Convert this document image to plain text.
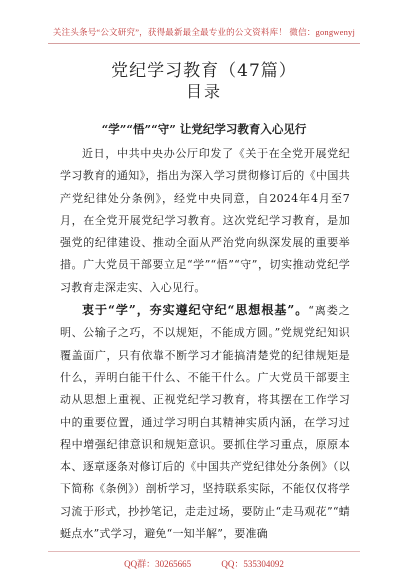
关注头条号“公文研究”，获得最新最全最专业的公文资料库！ 微信：gongwenyj
党纪学习教育（47篇）
目录
“学”“悟”“守” 让党纪学习教育入心见行

近日，中共中央办公厅印发了《关于在全党开展党纪学习教育的通知》，指出为深入学习贯彻修订后的《中国共产党纪律处分条例》，经党中央同意，自2024年4月至7月，在全党开展党纪学习教育。这次党纪学习教育，是加强党的纪律建设、推动全面从严治党向纵深发展的重要举措。广大党员干部要立足“学”“悟”“守”，切实推动党纪学习教育走深走实、入心见行。

衷于“学”，夯实遵纪守纪“思想根基”。“离娄之明、公输子之巧，不以规矩，不能成方圆。”党规党纪知识覆盖面广，只有依靠不断学习才能搞清楚党的纪律规矩是什么，弄明白能干什么、不能干什么。广大党员干部要主动从思想上重视、正视党纪学习教育，将其摆在工作学习中的重要位置，通过学习明白其精神实质内涵，在学习过程中增强纪律意识和规矩意识。要抓住学习重点，原原本本、逐章逐条对修订后的《中国共产党纪律处分条例》（以下简称《条例》）剖析学习，坚持联系实际，不能仅仅将学习流于形式，抄抄笔记，走走过场，要防止“走马观花”“蜻蜓点水”式学习，避免“一知半解”，要准确

QQ群：30265665	QQ：535304092
